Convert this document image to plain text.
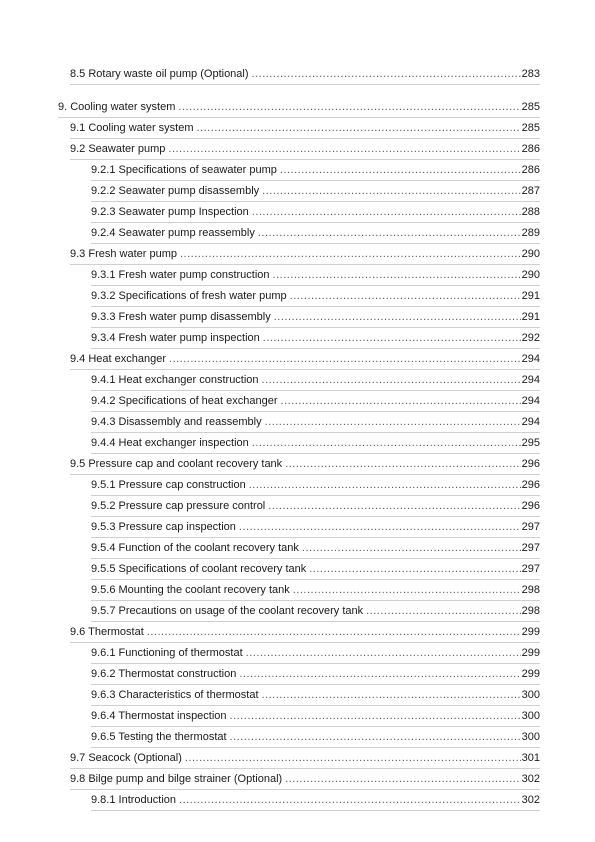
8.5 Rotary waste oil pump (Optional) .....	283
9. Cooling water system .....	285
9.1 Cooling water system .....	285
9.2 Seawater pump .....	286
9.2.1 Specifications of seawater pump .....	286
9.2.2 Seawater pump disassembly .....	287
9.2.3 Seawater pump Inspection .....	288
9.2.4 Seawater pump reassembly .....	289
9.3 Fresh water pump .....	290
9.3.1 Fresh water pump construction .....	290
9.3.2 Specifications of fresh water pump .....	291
9.3.3 Fresh water pump disassembly .....	291
9.3.4 Fresh water pump inspection .....	292
9.4 Heat exchanger .....	294
9.4.1 Heat exchanger construction .....	294
9.4.2 Specifications of heat exchanger .....	294
9.4.3 Disassembly and reassembly .....	294
9.4.4 Heat exchanger inspection .....	295
9.5 Pressure cap and coolant recovery tank .....	296
9.5.1 Pressure cap construction .....	296
9.5.2 Pressure cap pressure control .....	296
9.5.3 Pressure cap inspection .....	297
9.5.4 Function of the coolant recovery tank .....	297
9.5.5 Specifications of coolant recovery tank .....	297
9.5.6 Mounting the coolant recovery tank .....	298
9.5.7 Precautions on usage of the coolant recovery tank .....	298
9.6 Thermostat .....	299
9.6.1 Functioning of thermostat .....	299
9.6.2 Thermostat construction .....	299
9.6.3 Characteristics of thermostat .....	300
9.6.4 Thermostat inspection .....	300
9.6.5 Testing the thermostat .....	300
9.7 Seacock (Optional) .....	301
9.8 Bilge pump and bilge strainer (Optional) .....	302
9.8.1 Introduction .....	302
